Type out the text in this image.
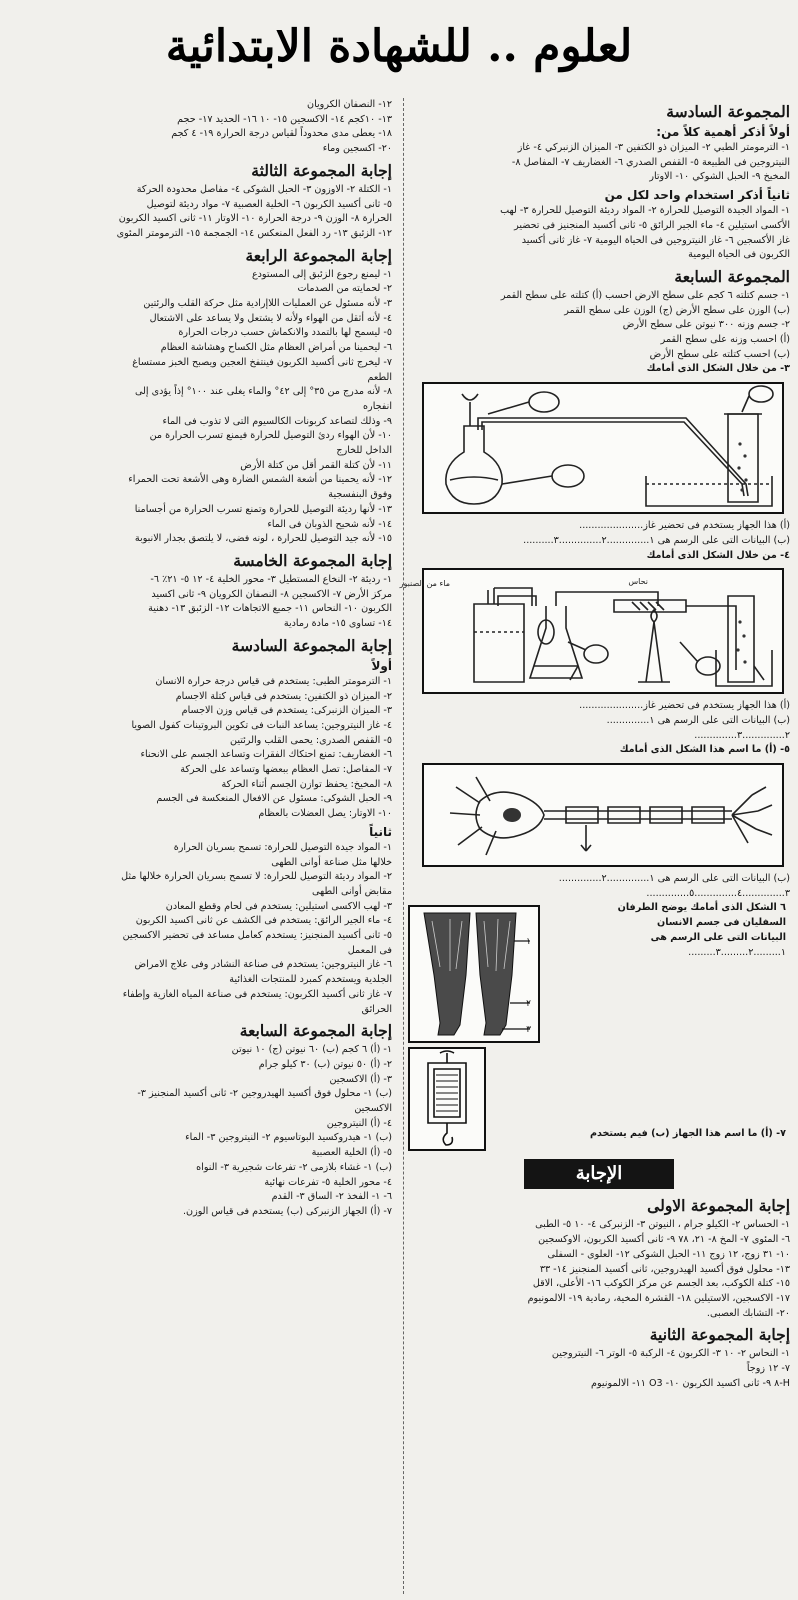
لعلوم .. للشهادة الابتدائية
المجموعة السادسة
أولاً أذكر أهمية كلاً من:
١- الترمومتر الطبي ٢- الميزان ذو الكتفين ٣- الميزان الزنبركي ٤- غاز
النيتروجين فى الطبيعة ٥- القفص الصدري ٦- الغضاريف ٧- المفاصل ٨-
المخيخ ٩- الحبل الشوكي ١٠- الاوتار
ثانياً أذكر استخدام واحد لكل من
١- المواد الجيدة التوصيل للحرارة ٢- المواد رديئة التوصيل للحرارة ٣- لهب
الأكسى استيلين ٤- ماء الجير الرائق ٥- ثانى أكسيد المنجنيز فى تحضير
غاز الأكسجين ٦- غاز النيتروجين فى الحياة اليومية ٧- غاز ثانى أكسيد
الكربون فى الحياة اليومية
المجموعة السابعة
١- جسم كتلته ٦ كجم على سطح الارض احسب (أ) كتلته على سطح القمر
(ب) الوزن على سطح الأرض (ج) الوزن على سطح القمر
٢- جسم وزنه ٣٠٠ نيوتن على سطح الأرض
(أ) احسب وزنه على سطح القمر
(ب) احسب كتلته على سطح الأرض
٣- من خلال الشكل الذى أمامك
(أ) هذا الجهاز يستخدم فى تحضير غاز.....................
(ب) البيانات التى على الرسم هى ١..............٢..............٣..........
٤- من خلال الشكل الذى أمامك
ماء من الصنبور	نحاس
(أ) هذا الجهاز يستخدم فى تحضير غاز.....................
(ب) البيانات التى على الرسم هى ١..............
٢..............٣..............
٥- (أ) ما اسم هذا الشكل الذى أمامك
(ب) البيانات التى على الرسم هى ١..............٢..............
٣..............٤..............٥..............
٦ الشكل الذى أمامك يوضح الطرفان
السفليان فى جسم الانسان
البيانات التى على الرسم هى
١.........٢.........٣.........
١
٢
٣
٧- (أ) ما اسم هذا الجهاز (ب) فيم يستخدم
الإجابة
إجابة المجموعة الاولى
١- الحساس ٢- الكيلو جرام ، النيوتن ٣- الزنبركى ٤- ١٠ ٥- الطبى
٦- المئوى ٧- المخ ٨- ٢١، ٧٨ ٩- ثانى أكسيد الكربون، الاوكسجين
١٠- ٣١ زوج، ١٢ زوج ١١- الحبل الشوكى ١٢- العلوى - السفلى
١٣- محلول فوق أكسيد الهيدروجين، ثانى أكسيد المنجنيز ١٤- ٣٣
١٥- كتلة الكوكب، بعد الجسم عن مركز الكوكب ١٦- الأعلى، الاقل
١٧- الاكسجين، الاستيلين ١٨- القشرة المخية، رمادية ١٩- الالمونيوم
٢٠- التشابك العصبى.
إجابة المجموعة الثانية
١- النحاس ٢- ١٠ ٣- الكربون ٤- الركبة ٥- الوتر ٦- النيتروجين
٧- ١٢ زوجاً
H-٨ ٩- ثانى اكسيد الكربون ١٠- O3 ١١- الالمونيوم
١٢- النصفان الكرويان
١٣- ١٠كجم ١٤- الاكسجين ١٥- ١٠ ١٦- الحديد ١٧- حجم
١٨- يعطى مدى محدوداً لقياس درجة الحرارة ١٩- ٤ كجم
٢٠- اكسجين وماء
إجابة المجموعة الثالثة
١- الكتلة ٢- الاوزون ٣- الحبل الشوكى ٤- مفاصل محدودة الحركة
٥- ثانى أكسيد الكربون ٦- الخلية العصبية ٧- مواد رديئة لتوصيل
الحرارة ٨- الوزن ٩- درجة الحرارة ١٠- الاوتار ١١- ثانى اكسيد الكربون
١٢- الزئبق ١٣- رد الفعل المنعكس ١٤- الجمجمة ١٥- الترمومتر المئوى
إجابة المجموعة الرابعة
١- ليمنع رجوع الزئبق إلى المستودع
٢- لحمايته من الصدمات
٣- لأنه مسئول عن العمليات اللاإرادية مثل حركة القلب والرئتين
٤- لأنه أثقل من الهواء ولأنه لا يشتعل ولا يساعد على الاشتعال
٥- ليسمح لها بالتمدد والانكماش حسب درجات الحرارة
٦- ليحمينا من أمراض العظام مثل الكساح وهشاشة العظام
٧- ليخرج ثانى أكسيد الكربون فينتفخ العجين ويصبح الخبز مستساغ
الطعم
٨- لأنه مدرج من ٣٥° إلى ٤٢° والماء يغلى عند ١٠٠° إذاً يؤدى إلى
انفجاره
٩- وذلك لتصاعد كربونات الكالسيوم التى لا تذوب فى الماء
١٠- لأن الهواء ردئ التوصيل للحرارة فيمنع تسرب الحرارة من
الداخل للخارج
١١- لأن كتلة القمر أقل من كتلة الأرض
١٢- لأنه يحمينا من أشعة الشمس الضارة وهى الأشعة تحت الحمراء
وفوق البنفسجية
١٣- لأنها رديئة التوصيل للحرارة وتمنع تسرب الحرارة من أجسامنا
١٤- لأنه شحيح الذوبان فى الماء
١٥- لأنه جيد التوصيل للحرارة ، لونه فضى، لا يلتصق بجدار الانبوبة
إجابة المجموعة الخامسة
١- رديئة ٢- النخاع المستطيل ٣- محور الخلية ٤- ١٢ ٥- ٢١٪ ٦-
مركز الأرض ٧- الاكسجين ٨- النصفان الكرويان ٩- ثانى اكسيد
الكربون ١٠- النحاس ١١- جميع الاتجاهات ١٢- الزئبق ١٣- دهنية
١٤- تساوى ١٥- مادة رمادية
إجابة المجموعة السادسة
أولاً
١- الترمومتر الطبى: يستخدم فى قياس درجة حرارة الانسان
٢- الميزان ذو الكتفين: يستخدم فى قياس كتلة الاجسام
٣- الميزان الزنبركى: يستخدم فى قياس وزن الاجسام
٤- غاز النيتروجين: يساعد النبات فى تكوين البروتينات كفول الصويا
٥- القفص الصدرى: يحمى القلب والرئتين
٦- الغضاريف: تمنع احتكاك الفقرات وتساعد الجسم على الانحناء
٧- المفاصل: تصل العظام ببعضها وتساعد على الحركة
٨- المخيخ: يحفظ توازن الجسم أثناء الحركة
٩- الحبل الشوكى: مسئول عن الافعال المنعكسة فى الجسم
١٠- الاوتار: يصل العضلات بالعظام
ثانياً
١- المواد جيدة التوصيل للحرارة: تسمح بسريان الحرارة
خلالها مثل صناعة أوانى الطهى
٢- المواد رديئة التوصيل للحرارة: لا تسمح بسريان الحرارة خلالها مثل
مقابض أوانى الطهى
٣- لهب الاكسى استيلين: يستخدم فى لحام وقطع المعادن
٤- ماء الجير الرائق: يستخدم فى الكشف عن ثانى اكسيد الكربون
٥- ثانى أكسيد المنجنيز: يستخدم كعامل مساعد فى تحضير الاكسجين
فى المعمل
٦- غاز النيتروجين: يستخدم فى صناعة النشادر وفى علاج الامراض
الجلدية ويستخدم كمبرد للمنتجات الغذائية
٧- غاز ثانى أكسيد الكربون: يستخدم فى صناعة المياه الغازية وإطفاء
الحرائق
إجابة المجموعة السابعة
١- (أ) ٦ كجم (ب) ٦٠ نيوتن (ج) ١٠ نيوتن
٢- (أ) ٥٠ نيوتن (ب) ٣٠ كيلو جرام
٣- (أ) الاكسجين
(ب) ١- محلول فوق أكسيد الهيدروجين ٢- ثانى أكسيد المنجنيز ٣-
الاكسجين
٤- (أ) النيتروجين
(ب) ١- هيدروكسيد البوتاسيوم ٢- النيتروجين ٣- الماء
٥- (أ) الخلية العصبية
(ب) ١- غشاء بلازمى ٢- تفرعات شجيرية ٣- النواه
٤- محور الخلية ٥- تفرعات نهائية
٦- ١- الفخذ ٢- الساق ٣- القدم
٧- (أ) الجهاز الزنبركى (ب) يستخدم فى قياس الوزن.
